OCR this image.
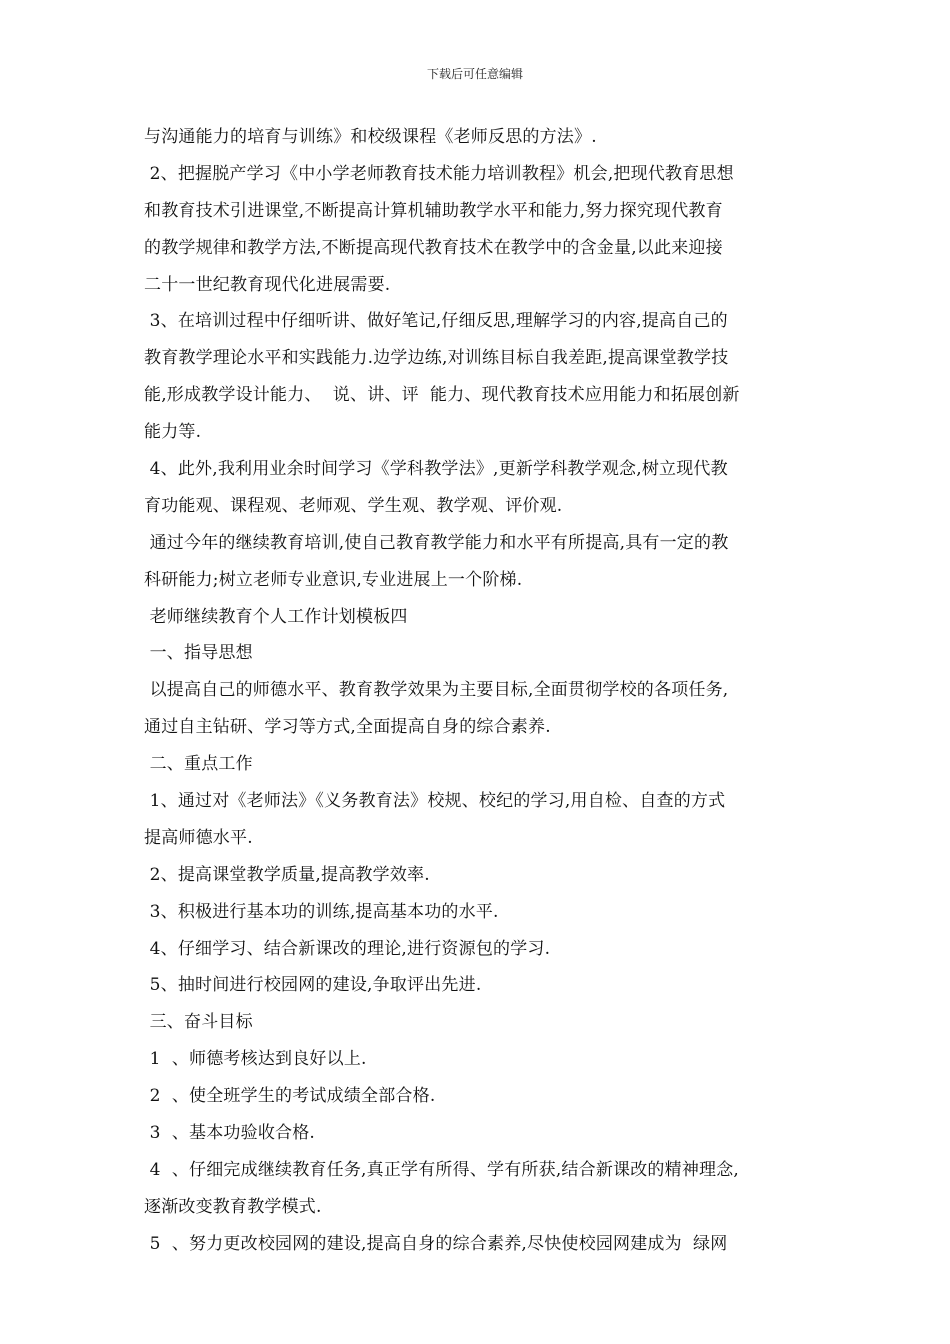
下载后可任意编辑
与沟通能力的培育与训练》和校级课程《老师反思的方法》.
2、把握脱产学习《中小学老师教育技术能力培训教程》机会,把现代教育思想
和教育技术引进课堂,不断提高计算机辅助教学水平和能力,努力探究现代教育
的教学规律和教学方法,不断提高现代教育技术在教学中的含金量,以此来迎接
二十一世纪教育现代化进展需要.
3、在培训过程中仔细听讲、做好笔记,仔细反思,理解学习的内容,提高自己的
教育教学理论水平和实践能力.边学边练,对训练目标自我差距,提高课堂教学技
能,形成教学设计能力、  说、讲、评  能力、现代教育技术应用能力和拓展创新
能力等.
4、此外,我利用业余时间学习《学科教学法》,更新学科教学观念,树立现代教
育功能观、课程观、老师观、学生观、教学观、评价观.
通过今年的继续教育培训,使自己教育教学能力和水平有所提高,具有一定的教
科研能力;树立老师专业意识,专业进展上一个阶梯.
老师继续教育个人工作计划模板四
一、指导思想
以提高自己的师德水平、教育教学效果为主要目标,全面贯彻学校的各项任务,
通过自主钻研、学习等方式,全面提高自身的综合素养.
二、重点工作
1、通过对《老师法》《义务教育法》校规、校纪的学习,用自检、自查的方式
提高师德水平.
2、提高课堂教学质量,提高教学效率.
3、积极进行基本功的训练,提高基本功的水平.
4、仔细学习、结合新课改的理论,进行资源包的学习.
5、抽时间进行校园网的建设,争取评出先进.
三、奋斗目标
1  、师德考核达到良好以上.
2  、使全班学生的考试成绩全部合格.
3  、基本功验收合格.
4  、仔细完成继续教育任务,真正学有所得、学有所获,结合新课改的精神理念,
逐渐改变教育教学模式.
5  、努力更改校园网的建设,提高自身的综合素养,尽快使校园网建成为  绿网
